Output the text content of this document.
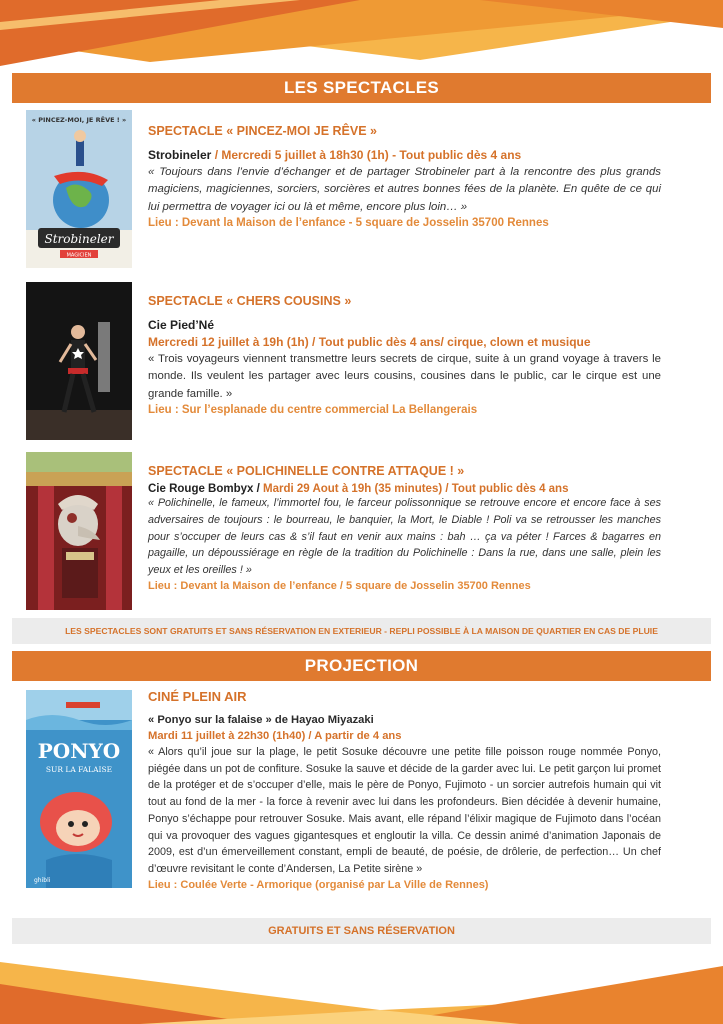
LES SPECTACLES
Strobineler
MAGICIEN
« PINCEZ-MOI, JE RÊVE ! »
SPECTACLE « PINCEZ-MOI JE RÊVE »
Strobineler / Mercredi 5 juillet à 18h30 (1h) - Tout public dès 4 ans
« Toujours dans l’envie d’échanger et de partager Strobineler part à la rencontre des plus grands magiciens, magiciennes, sorciers, sorcières et autres bonnes fées de la planète. En quête de ce qui lui permettra de voyager ici ou là et même, encore plus loin… »
Lieu : Devant la Maison de l’enfance - 5 square de Josselin 35700 Rennes
SPECTACLE « CHERS COUSINS »
Cie Pied’Né
Mercredi 12 juillet à 19h (1h) / Tout public dès 4 ans/ cirque, clown et musique
« Trois voyageurs viennent transmettre leurs secrets de cirque, suite à un grand voyage à travers le monde. Ils veulent les partager avec leurs cousins, cousines dans le public, car le cirque est une grande famille. »
Lieu : Sur l’esplanade du centre commercial La Bellangerais
SPECTACLE « POLICHINELLE CONTRE ATTAQUE ! »
Cie Rouge Bombyx / Mardi 29 Aout à 19h (35 minutes) / Tout public dès 4 ans
« Polichinelle, le fameux, l’immortel fou, le farceur polissonnique se retrouve encore et encore face à ses adversaires de toujours : le bourreau, le banquier, la Mort, le Diable ! Poli va se retrousser les manches pour s’occuper de leurs cas & s’il faut en venir aux mains : bah … ça va péter ! Farces & bagarres en pagaille, un dépoussiérage en règle de la tradition du Polichinelle : Dans la rue, dans une salle, plein les yeux et les oreilles ! »
Lieu : Devant la Maison de l’enfance / 5 square de Josselin 35700 Rennes
LES SPECTACLES SONT GRATUITS ET SANS RÉSERVATION EN EXTERIEUR - REPLI POSSIBLE À LA MAISON DE QUARTIER EN CAS DE PLUIE
PROJECTION
PONYO
SUR LA FALAISE
ghibli
CINÉ PLEIN AIR
« Ponyo sur la falaise » de Hayao Miyazaki
Mardi 11 juillet à 22h30 (1h40) / A partir de 4 ans
« Alors qu’il joue sur la plage, le petit Sosuke découvre une petite fille poisson rouge nommée Ponyo, piégée dans un pot de confiture. Sosuke la sauve et décide de la garder avec lui. Le petit garçon lui promet de la protéger et de s’occuper d’elle, mais le père de Ponyo, Fujimoto - un sorcier autrefois humain qui vit tout au fond de la mer - la force à revenir avec lui dans les profondeurs. Bien décidée à devenir humaine, Ponyo s’échappe pour retrouver Sosuke. Mais avant, elle répand l’élixir magique de Fujimoto dans l’océan qui va provoquer des vagues gigantesques et engloutir la villa. Ce dessin animé d’animation Japonais de 2009, est d’un émerveillement constant, empli de beauté, de poésie, de drôlerie, de perfection… Un chef d’œuvre revisitant le conte d’Andersen, La Petite sirène »
Lieu : Coulée Verte - Armorique (organisé par La Ville de Rennes)
GRATUITS ET SANS RÉSERVATION
